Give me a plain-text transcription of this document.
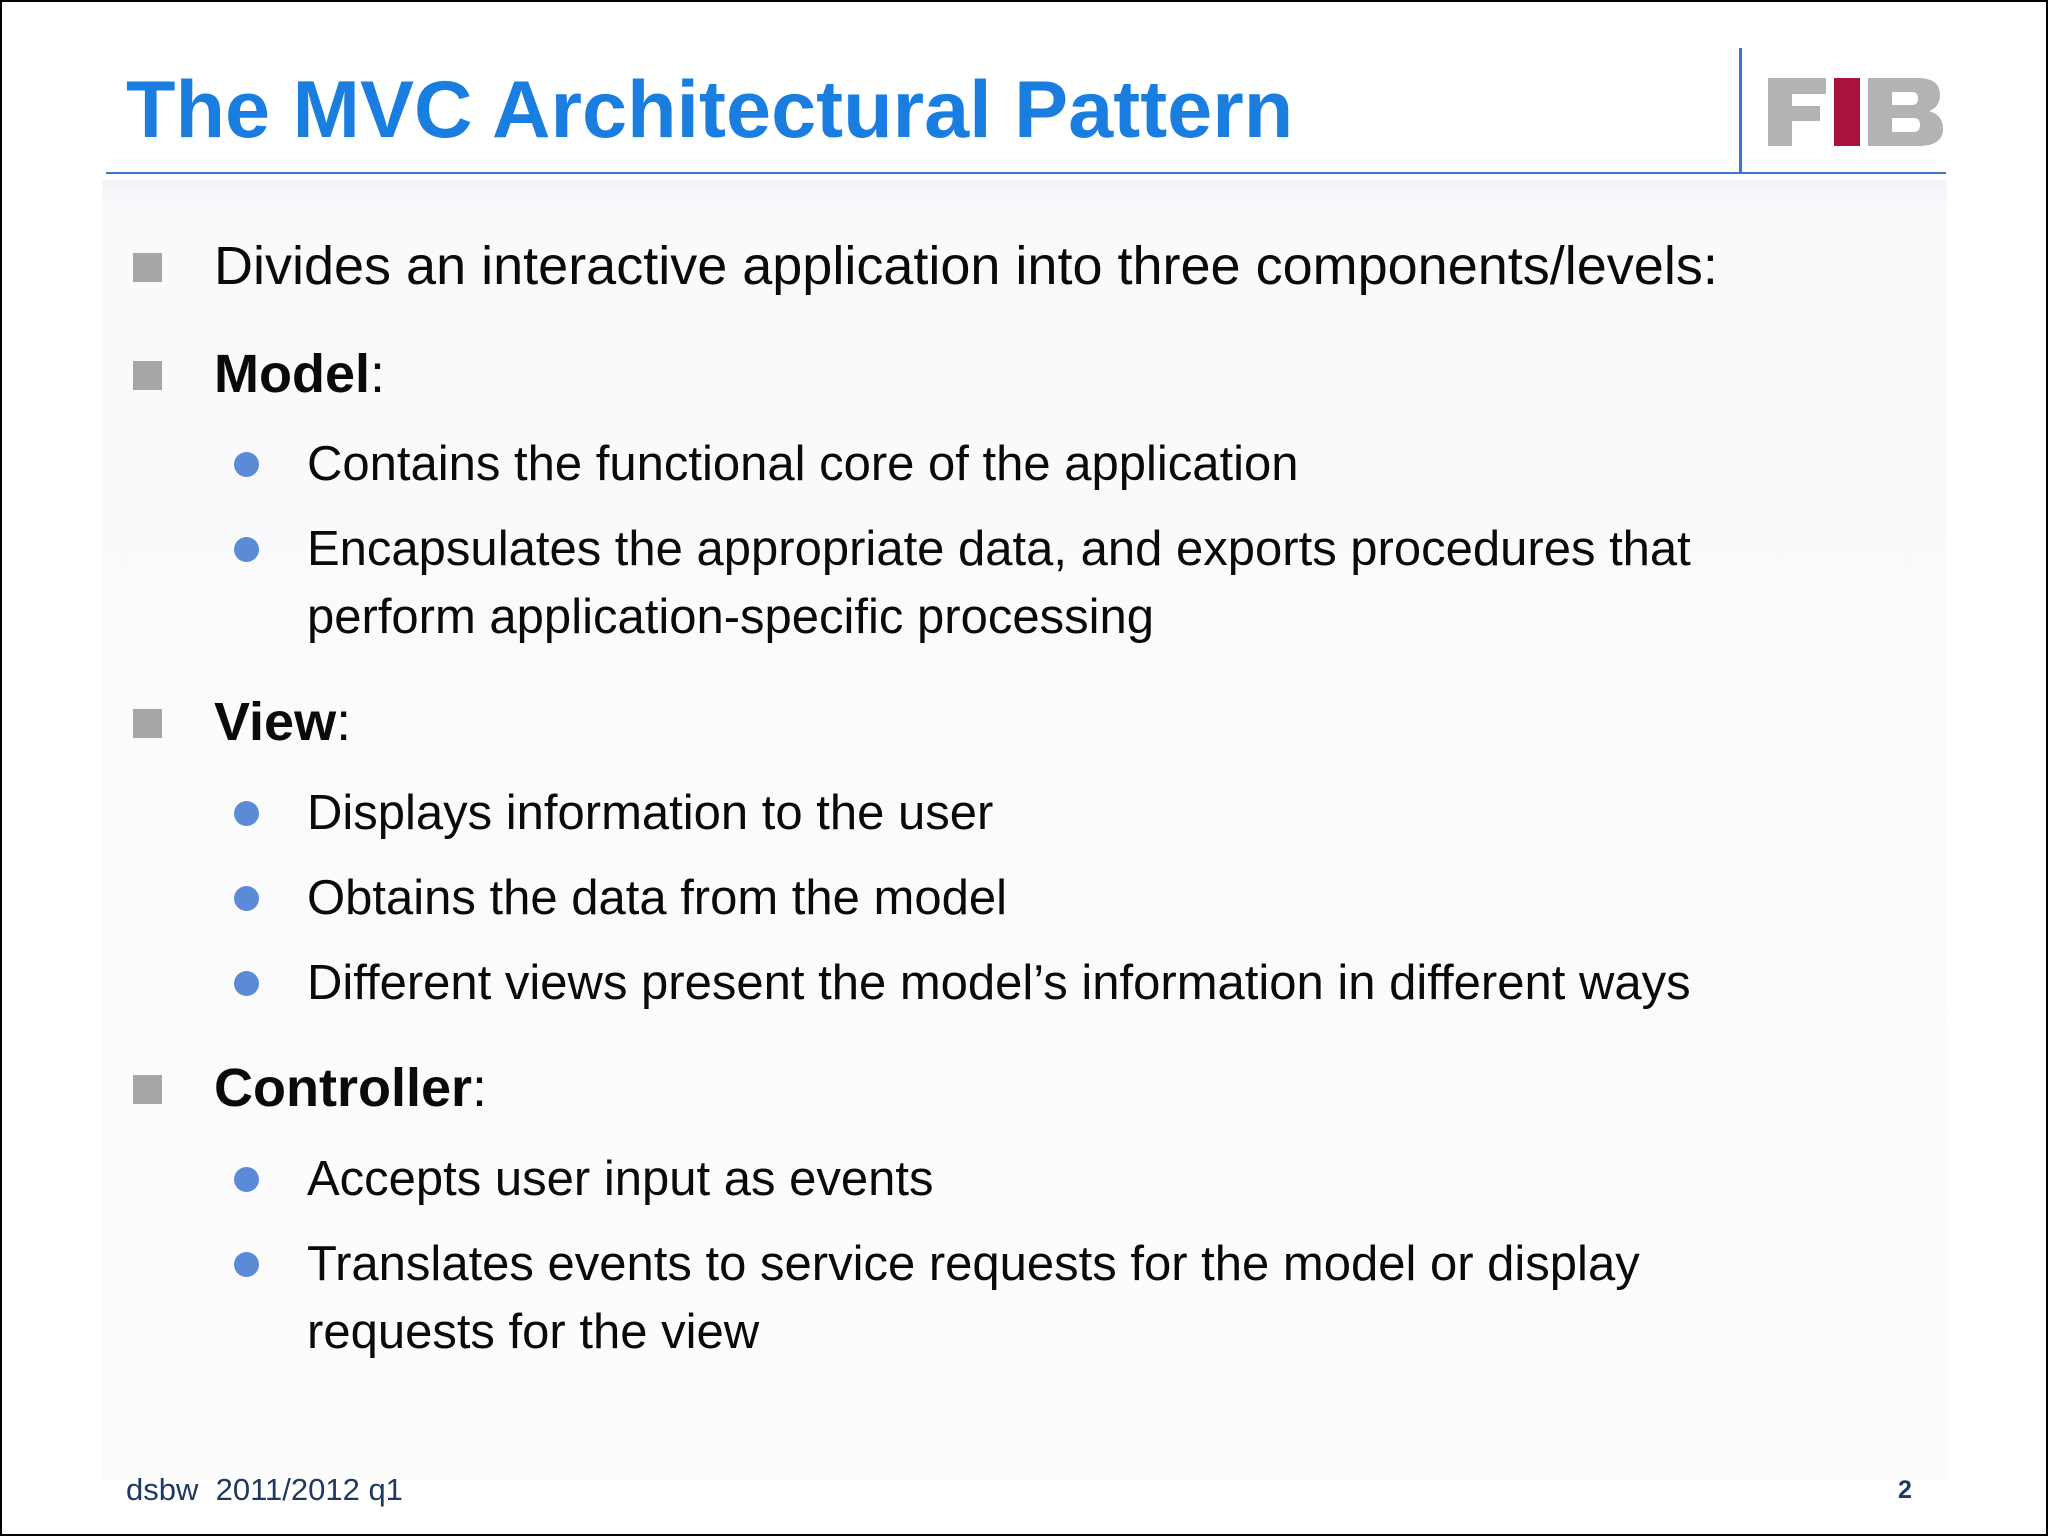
The MVC Architectural Pattern
Divides an interactive application into three components/levels:
Model:
Contains the functional core of the application
Encapsulates the appropriate data, and exports procedures that
perform application-specific processing
View:
Displays information to the user
Obtains the data from the model
Different views present the model’s information in different ways
Controller:
Accepts user input as events
Translates events to service requests for the model or display
requests for the view
dsbw  2011/2012 q1	2
